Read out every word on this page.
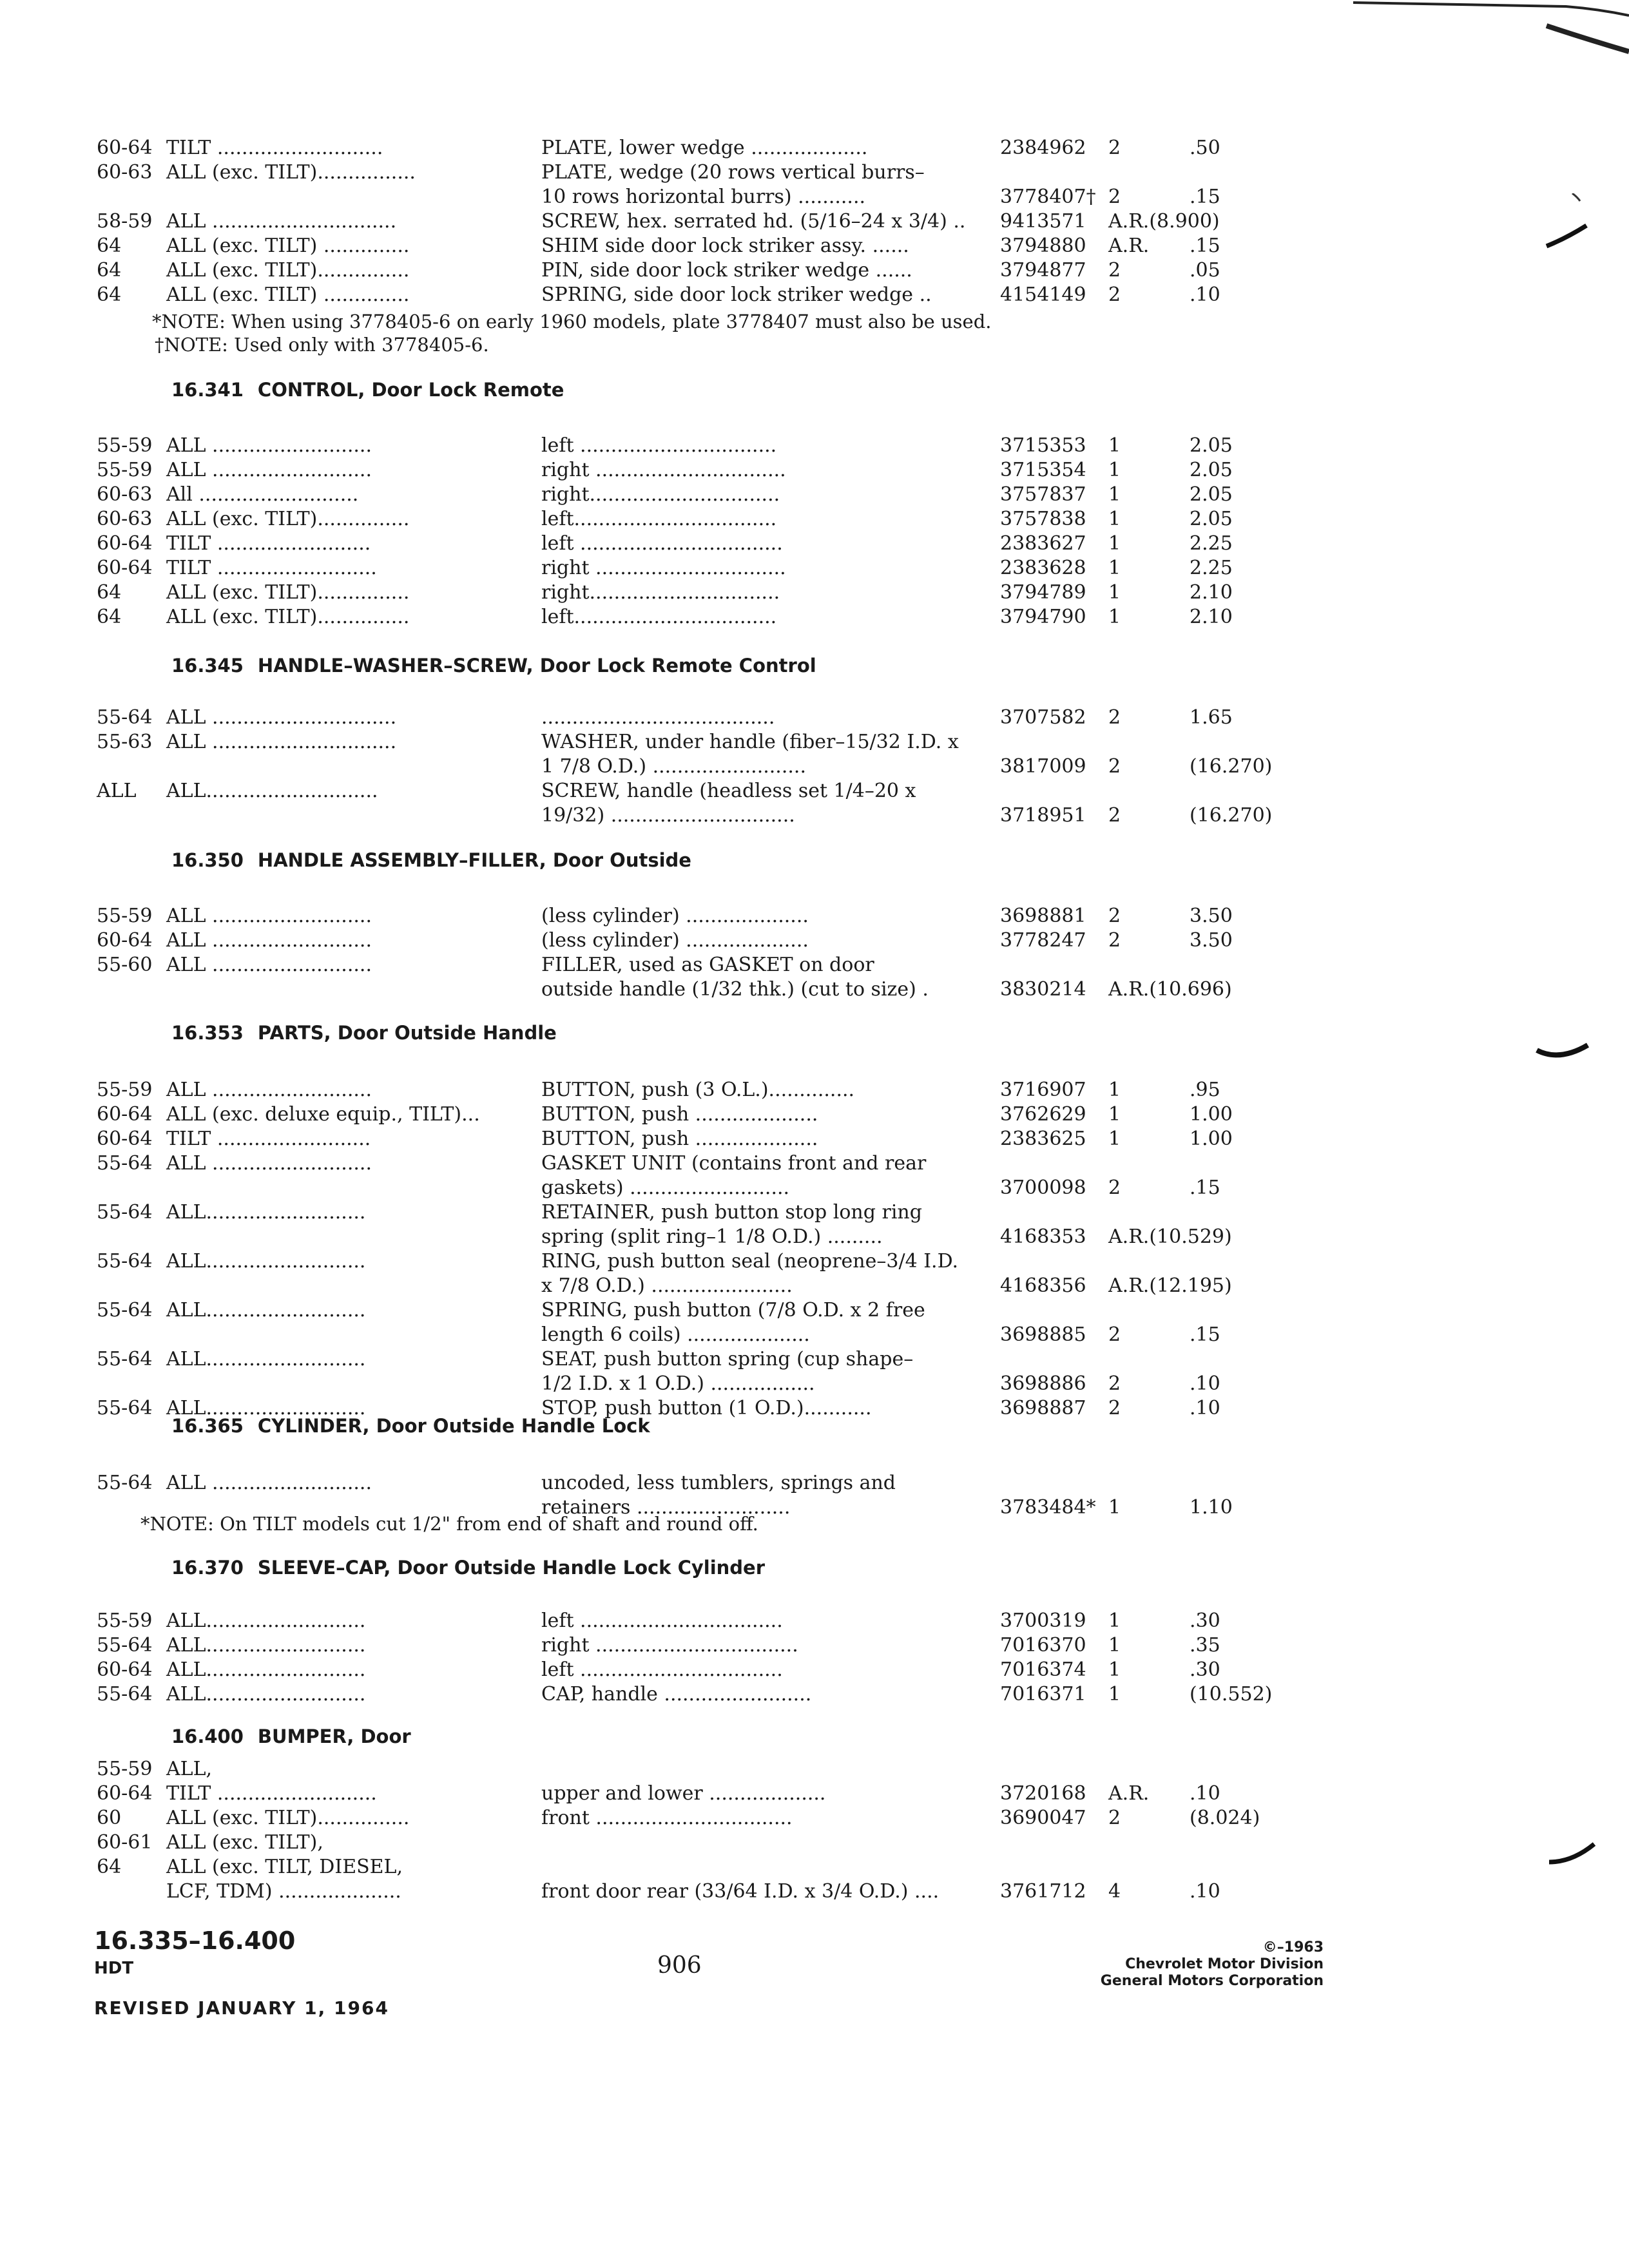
60-64 TILT ...........................	PLATE, lower wedge ...................	2384962 2	.50
60-63 ALL (exc. TILT)................	PLATE, wedge (20 rows vertical burrs–
10 rows horizontal burrs) ...........	3778407† 2	.15
58-59 ALL ..............................	SCREW, hex. serrated hd. (5/16–24 x 3/4) .. 9413571 A.R.(8.900)
64 ALL (exc. TILT) ..............	SHIM side door lock striker assy. ......	3794880 A.R. .15
64 ALL (exc. TILT)...............	PIN, side door lock striker wedge ......	3794877 2	.05
64 ALL (exc. TILT) ..............	SPRING, side door lock striker wedge ..	4154149 2	.10
55-59 ALL ..........................	left ................................	3715353 1	2.05
55-59 ALL ..........................	right ...............................	3715354 1	2.05
60-63 All ..........................	right...............................	3757837 1	2.05
60-63 ALL (exc. TILT)...............	left.................................	3757838 1	2.05
60-64 TILT .........................	left .................................	2383627 1	2.25
60-64 TILT ..........................	right ...............................	2383628 1	2.25
64 ALL (exc. TILT)...............	right...............................	3794789 1	2.10
64 ALL (exc. TILT)...............	left.................................	3794790 1	2.10
55-64 ALL ..............................	......................................	3707582 2	1.65
55-63 ALL ..............................	WASHER, under handle (fiber–15/32 I.D. x
1 7/8 O.D.) .........................	3817009 2	(16.270)
ALL ALL............................	SCREW, handle (headless set 1/4–20 x
19/32) ..............................	3718951 2	(16.270)
55-59 ALL ..........................	(less cylinder) ....................	3698881 2	3.50
60-64 ALL ..........................	(less cylinder) ....................	3778247 2	3.50
55-60 ALL ..........................	FILLER, used as GASKET on door
outside handle (1/32 thk.) (cut to size) .	3830214 A.R.(10.696)
55-59 ALL ..........................	BUTTON, push (3 O.L.)..............	3716907 1	.95
60-64 ALL (exc. deluxe equip., TILT)...	BUTTON, push ....................	3762629 1	1.00
60-64 TILT .........................	BUTTON, push ....................	2383625 1	1.00
55-64 ALL ..........................	GASKET UNIT (contains front and rear
gaskets) ..........................	3700098 2	.15
55-64 ALL..........................	RETAINER, push button stop long ring
spring (split ring–1 1/8 O.D.) .........	4168353 A.R.(10.529)
55-64 ALL..........................	RING, push button seal (neoprene–3/4 I.D.
x 7/8 O.D.) .......................	4168356 A.R.(12.195)
55-64 ALL..........................	SPRING, push button (7/8 O.D. x 2 free
length 6 coils) ....................	3698885 2	.15
55-64 ALL..........................	SEAT, push button spring (cup shape–
1/2 I.D. x 1 O.D.) .................	3698886 2	.10
55-64 ALL..........................	STOP, push button (1 O.D.)...........	3698887 2	.10
55-64 ALL ..........................	uncoded, less tumblers, springs and
retainers .........................	3783484* 1	1.10
55-59 ALL..........................	left .................................	3700319 1	.30
55-64 ALL..........................	right .................................	7016370 1	.35
60-64 ALL..........................	left .................................	7016374 1	.30
55-64 ALL..........................	CAP, handle ........................	7016371 1	(10.552)
55-59 ALL,
60-64 TILT ..........................	upper and lower ...................	3720168 A.R. .10
60 ALL (exc. TILT)...............	front ................................	3690047 2	(8.024)
60-61 ALL (exc. TILT),
64 ALL (exc. TILT, DIESEL,
LCF, TDM) ....................	front door rear (33/64 I.D. x 3/4 O.D.) ....	3761712 4	.10
*NOTE: When using 3778405-6 on early 1960 models, plate 3778407 must also be used.
†NOTE: Used only with 3778405-6.
*NOTE: On TILT models cut 1/2" from end of shaft and round off.
16.341 CONTROL, Door Lock Remote
16.345 HANDLE–WASHER–SCREW, Door Lock Remote Control
16.350 HANDLE ASSEMBLY–FILLER, Door Outside
16.353 PARTS, Door Outside Handle
16.365 CYLINDER, Door Outside Handle Lock
16.370 SLEEVE–CAP, Door Outside Handle Lock Cylinder
16.400 BUMPER, Door
16.335–16.400
HDT	906
REVISED JANUARY 1, 1964
©–1963
Chevrolet Motor Division
General Motors Corporation
